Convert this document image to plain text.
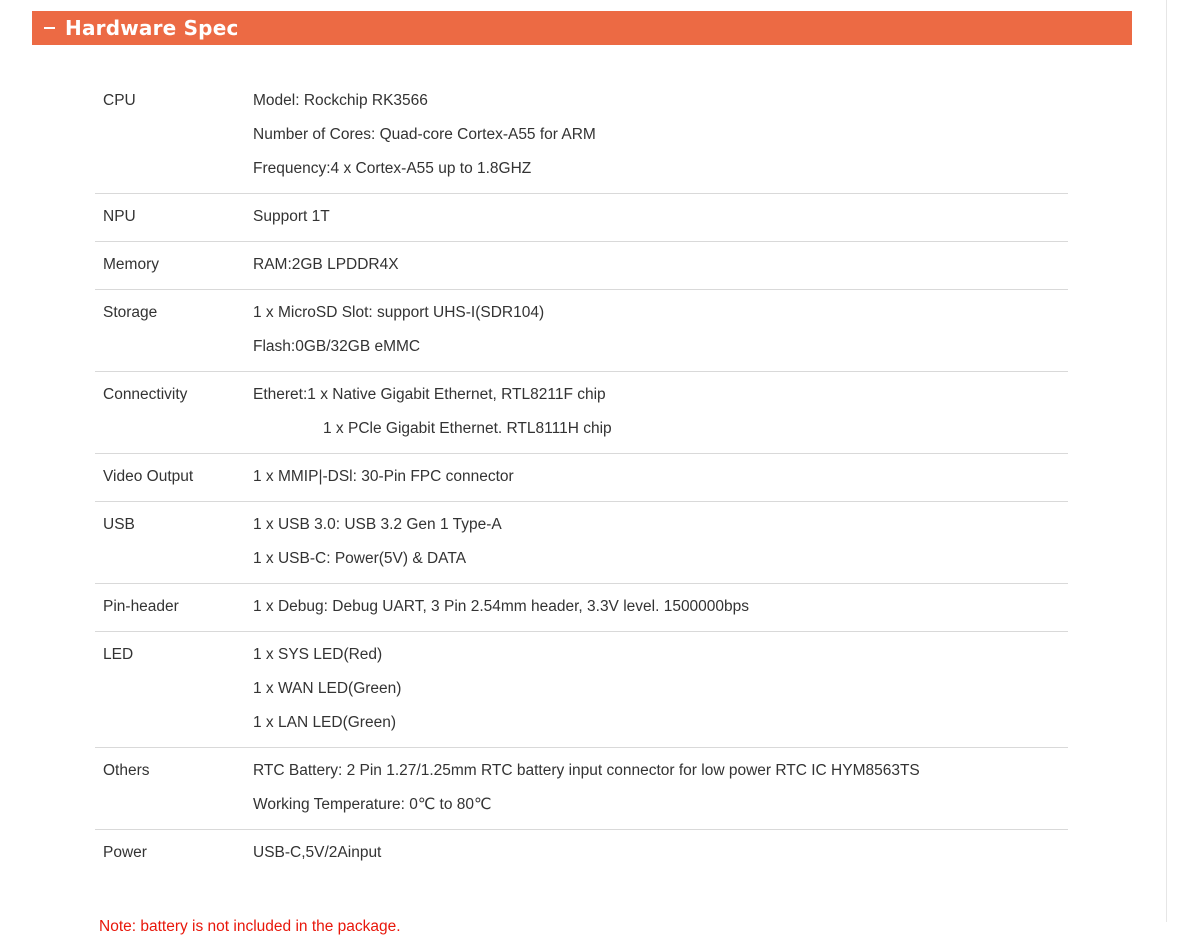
Hardware Spec
CPU	Model: Rockchip RK3566
Number of Cores: Quad-core Cortex-A55 for ARM
Frequency:4 x Cortex-A55 up to 1.8GHZ
NPU	Support 1T
Memory	RAM:2GB LPDDR4X
Storage	1 x MicroSD Slot: support UHS-I(SDR104)
Flash:0GB/32GB eMMC
Connectivity	Etheret:1 x Native Gigabit Ethernet, RTL8211F chip
1 x PCle Gigabit Ethernet. RTL8111H chip
Video Output	1 x MMIP|-DSl: 30-Pin FPC connector
USB	1 x USB 3.0: USB 3.2 Gen 1 Type-A
1 x USB-C: Power(5V) & DATA
Pin-header	1 x Debug: Debug UART, 3 Pin 2.54mm header, 3.3V level. 1500000bps
LED	1 x SYS LED(Red)
1 x WAN LED(Green)
1 x LAN LED(Green)
Others	RTC Battery: 2 Pin 1.27/1.25mm RTC battery input connector for low power RTC IC HYM8563TS
Working Temperature: 0℃ to 80℃
Power	USB-C,5V/2Ainput
Note: battery is not included in the package.
